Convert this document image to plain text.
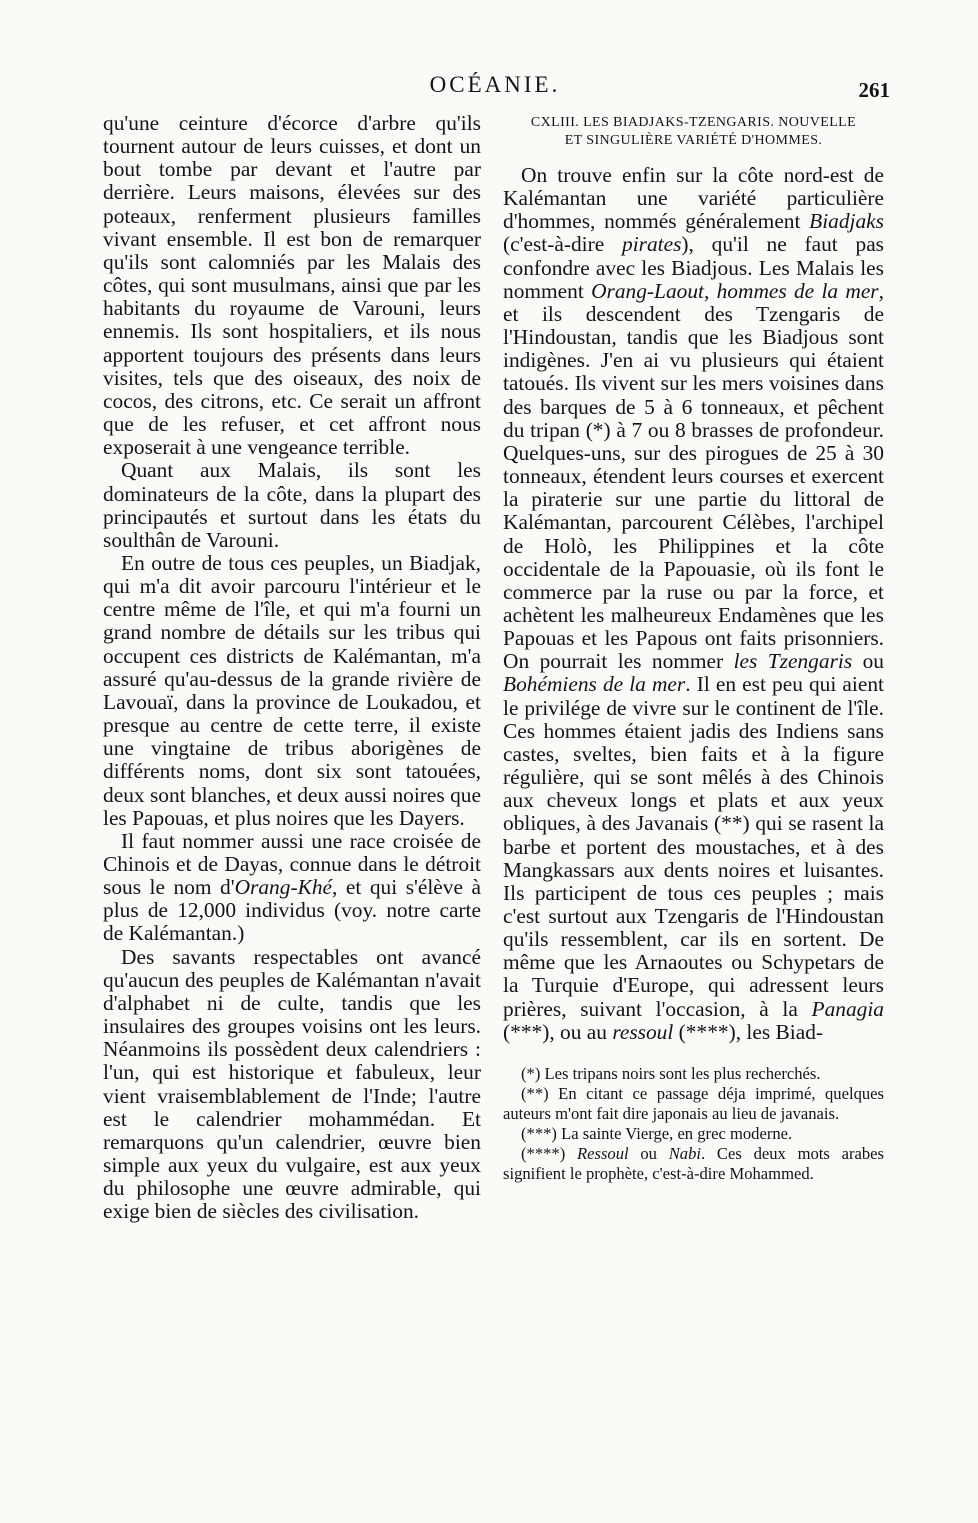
OCÉANIE.	261

qu'une ceinture d'écorce d'arbre qu'ils tournent autour de leurs cuisses, et dont un bout tombe par devant et l'autre par derrière. Leurs maisons, élevées sur des poteaux, renferment plusieurs familles vivant ensemble. Il est bon de remarquer qu'ils sont calomniés par les Malais des côtes, qui sont musulmans, ainsi que par les habitants du royaume de Varouni, leurs ennemis. Ils sont hospitaliers, et ils nous apportent toujours des présents dans leurs visites, tels que des oiseaux, des noix de cocos, des citrons, etc. Ce serait un affront que de les refuser, et cet affront nous exposerait à une vengeance terrible.

Quant aux Malais, ils sont les dominateurs de la côte, dans la plupart des principautés et surtout dans les états du soulthân de Varouni.

En outre de tous ces peuples, un Biadjak, qui m'a dit avoir parcouru l'intérieur et le centre même de l'île, et qui m'a fourni un grand nombre de détails sur les tribus qui occupent ces districts de Kalémantan, m'a assuré qu'au-dessus de la grande rivière de Lavouaï, dans la province de Loukadou, et presque au centre de cette terre, il existe une vingtaine de tribus aborigènes de différents noms, dont six sont tatouées, deux sont blanches, et deux aussi noires que les Papouas, et plus noires que les Dayers.

Il faut nommer aussi une race croisée de Chinois et de Dayas, connue dans le détroit sous le nom d'Orang-Khé, et qui s'élève à plus de 12,000 individus (voy. notre carte de Kalémantan.)

Des savants respectables ont avancé qu'aucun des peuples de Kalémantan n'avait d'alphabet ni de culte, tandis que les insulaires des groupes voisins ont les leurs. Néanmoins ils possèdent deux calendriers : l'un, qui est historique et fabuleux, leur vient vraisemblablement de l'Inde; l'autre est le calendrier mohammédan. Et remarquons qu'un calendrier, œuvre bien simple aux yeux du vulgaire, est aux yeux du philosophe une œuvre admirable, qui exige bien de siècles des civilisation.

CXLIII. LES BIADJAKS-TZENGARIS. NOUVELLE
ET SINGULIÈRE VARIÉTÉ D'HOMMES.

On trouve enfin sur la côte nord-est de Kalémantan une variété particulière d'hommes, nommés généralement Biadjaks (c'est-à-dire pirates), qu'il ne faut pas confondre avec les Biadjous. Les Malais les nomment Orang-Laout, hommes de la mer, et ils descendent des Tzengaris de l'Hindoustan, tandis que les Biadjous sont indigènes. J'en ai vu plusieurs qui étaient tatoués. Ils vivent sur les mers voisines dans des barques de 5 à 6 tonneaux, et pêchent du tripan (*) à 7 ou 8 brasses de profondeur. Quelques-uns, sur des pirogues de 25 à 30 tonneaux, étendent leurs courses et exercent la piraterie sur une partie du littoral de Kalémantan, parcourent Célèbes, l'archipel de Holò, les Philippines et la côte occidentale de la Papouasie, où ils font le commerce par la ruse ou par la force, et achètent les malheureux Endamènes que les Papouas et les Papous ont faits prisonniers. On pourrait les nommer les Tzengaris ou Bohémiens de la mer. Il en est peu qui aient le privilége de vivre sur le continent de l'île. Ces hommes étaient jadis des Indiens sans castes, sveltes, bien faits et à la figure régulière, qui se sont mêlés à des Chinois aux cheveux longs et plats et aux yeux obliques, à des Javanais (**) qui se rasent la barbe et portent des moustaches, et à des Mangkassars aux dents noires et luisantes. Ils participent de tous ces peuples ; mais c'est surtout aux Tzengaris de l'Hindoustan qu'ils ressemblent, car ils en sortent. De même que les Arnaoutes ou Schypetars de la Turquie d'Europe, qui adressent leurs prières, suivant l'occasion, à la Panagia (***), ou au ressoul (****), les Biad-

(*) Les tripans noirs sont les plus recherchés.

(**) En citant ce passage déja imprimé, quelques auteurs m'ont fait dire japonais au lieu de javanais.

(***) La sainte Vierge, en grec moderne.

(****) Ressoul ou Nabi. Ces deux mots arabes signifient le prophète, c'est-à-dire Mohammed.
